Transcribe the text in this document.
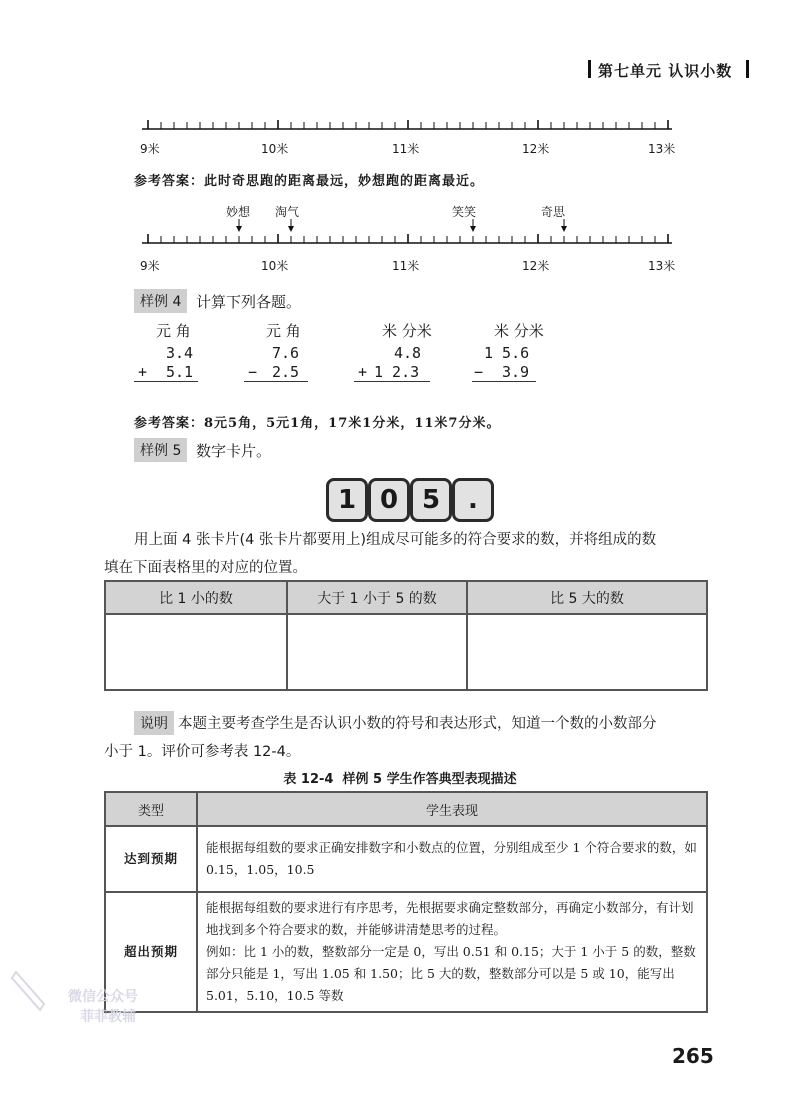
第七单元 认识小数
9米	10米	11米	12米	13米
参考答案：此时奇思跑的距离最远，妙想跑的距离最近。
妙想 淘气	笑笑	奇思
9米	10米	11米	12米	13米
样例 4 计算下列各题。
元 角	元 角	米 分米	米 分米
3.4	7.6	4.8	1 5.6
+ 5.1	− 2.5	+ 1 2.3	− 3.9
参考答案：8元5角，5元1角，17米1分米，11米7分米。
样例 5 数字卡片。
1 0 5	.
用上面 4 张卡片(4 张卡片都要用上)组成尽可能多的符合要求的数，并将组成的数
填在下面表格里的对应的位置。
比 1 小的数	大于 1 小于 5 的数	比 5 大的数

说明 本题主要考查学生是否认识小数的符号和表达形式，知道一个数的小数部分
小于 1。评价可参考表 12-4。
表 12-4  样例 5 学生作答典型表现描述
类型	学生表现
达到预期	能根据每组数的要求正确安排数字和小数点的位置，分别组成至少 1 个符合要求的数，如 0.15，1.05，10.5
超出预期	能根据每组数的要求进行有序思考，先根据要求确定整数部分，再确定小数部分，有计划地找到多个符合要求的数，并能够讲清楚思考的过程。
例如：比 1 小的数，整数部分一定是 0，写出 0.51 和 0.15；大于 1 小于 5 的数，整数部分只能是 1，写出 1.05 和 1.50；比 5 大的数，整数部分可以是 5 或 10，能写出 5.01，5.10，10.5 等数
微信公众号
菲菲教辅
265
